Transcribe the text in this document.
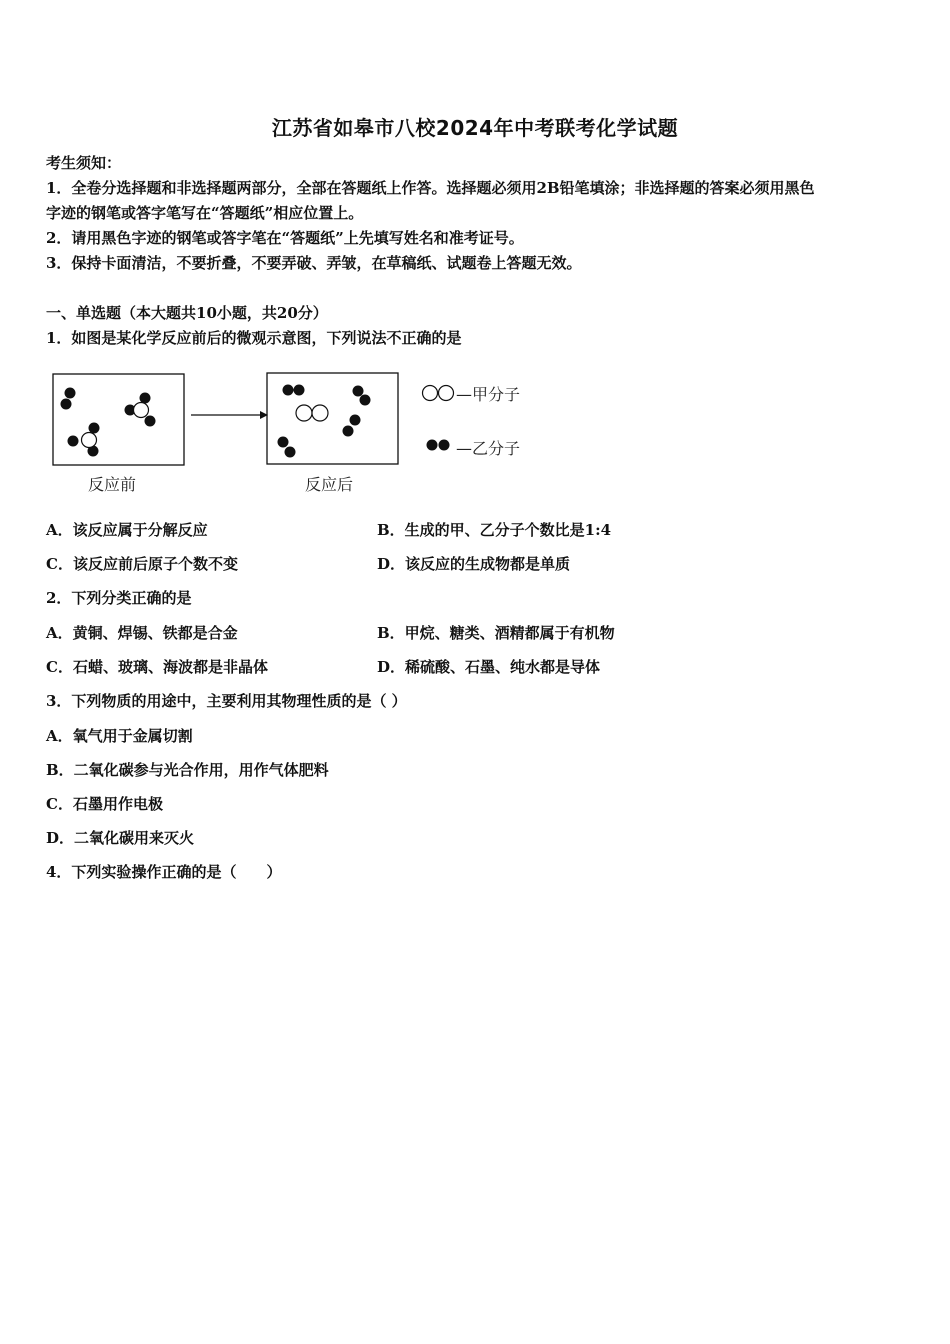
江苏省如皋市八校2024年中考联考化学试题
考生须知：
1．全卷分选择题和非选择题两部分，全部在答题纸上作答。选择题必须用2B铅笔填涂；非选择题的答案必须用黑色
字迹的钢笔或答字笔写在“答题纸”相应位置上。
2．请用黑色字迹的钢笔或答字笔在“答题纸”上先填写姓名和准考证号。
3．保持卡面清洁，不要折叠，不要弄破、弄皱，在草稿纸、试题卷上答题无效。
一、单选题（本大题共10小题，共20分）
1．如图是某化学反应前后的微观示意图，下列说法不正确的是
反应前	反应后
—甲分子
—乙分子
A．该反应属于分解反应	B．生成的甲、乙分子个数比是1:4
C．该反应前后原子个数不变	D．该反应的生成物都是单质
2．下列分类正确的是
A．黄铜、焊锡、铁都是合金	B．甲烷、糖类、酒精都属于有机物
C．石蜡、玻璃、海波都是非晶体	D．稀硫酸、石墨、纯水都是导体
3．下列物质的用途中，主要利用其物理性质的是（ ）
A．氧气用于金属切割
B．二氧化碳参与光合作用，用作气体肥料
C．石墨用作电极
D．二氧化碳用来灭火
4．下列实验操作正确的是（　　）
